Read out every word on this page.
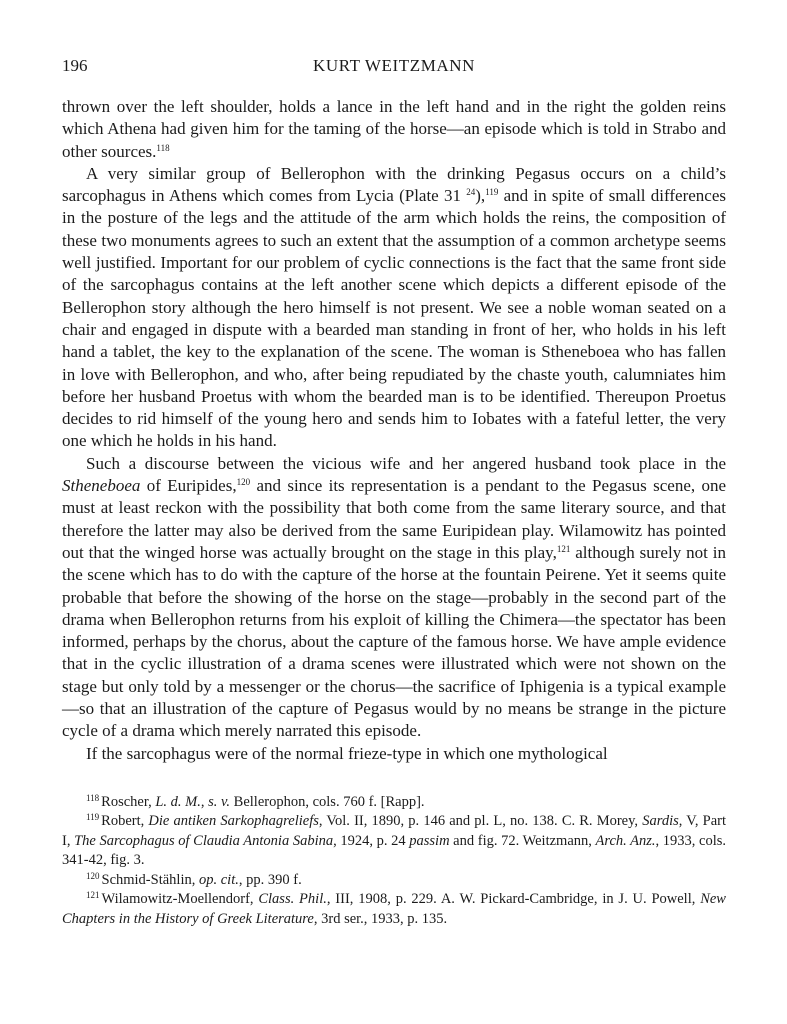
196	KURT WEITZMANN

thrown over the left shoulder, holds a lance in the left hand and in the right the golden reins which Athena had given him for the taming of the horse—an episode which is told in Strabo and other sources.$^{118}$

A very similar group of Bellerophon with the drinking Pegasus occurs on a child’s sarcophagus in Athens which comes from Lycia (Plate 31 $^{24}$),$^{119}$ and in spite of small differences in the posture of the legs and the attitude of the arm which holds the reins, the composition of these two monuments agrees to such an extent that the assumption of a common archetype seems well justified. Important for our problem of cyclic connections is the fact that the same front side of the sarcophagus contains at the left another scene which depicts a different episode of the Bellerophon story although the hero himself is not present. We see a noble woman seated on a chair and engaged in dispute with a bearded man standing in front of her, who holds in his left hand a tablet, the key to the explanation of the scene. The woman is Stheneboea who has fallen in love with Bellerophon, and who, after being repudiated by the chaste youth, calumniates him before her husband Proetus with whom the bearded man is to be identified. Thereupon Proetus decides to rid himself of the young hero and sends him to Iobates with a fateful letter, the very one which he holds in his hand.

Such a discourse between the vicious wife and her angered husband took place in the Stheneboea of Euripides,$^{120}$ and since its representation is a pendant to the Pegasus scene, one must at least reckon with the possibility that both come from the same literary source, and that therefore the latter may also be derived from the same Euripidean play. Wilamowitz has pointed out that the winged horse was actually brought on the stage in this play,$^{121}$ although surely not in the scene which has to do with the capture of the horse at the fountain Peirene. Yet it seems quite probable that before the showing of the horse on the stage—probably in the second part of the drama when Bellerophon returns from his exploit of killing the Chimera—the spectator has been informed, perhaps by the chorus, about the capture of the famous horse. We have ample evidence that in the cyclic illustration of a drama scenes were illustrated which were not shown on the stage but only told by a messenger or the chorus—the sacrifice of Iphigenia is a typical example—so that an illustration of the capture of Pegasus would by no means be strange in the picture cycle of a drama which merely narrated this episode.

If the sarcophagus were of the normal frieze-type in which one mythological

$^{118}$ Roscher, L. d. M., s. v. Bellerophon, cols. 760 f. [Rapp].

$^{119}$ Robert, Die antiken Sarkophagreliefs, Vol. II, 1890, p. 146 and pl. L, no. 138. C. R. Morey, Sardis, V, Part I, The Sarcophagus of Claudia Antonia Sabina, 1924, p. 24 passim and fig. 72. Weitzmann, Arch. Anz., 1933, cols. 341-42, fig. 3.

$^{120}$ Schmid-Stählin, op. cit., pp. 390 f.

$^{121}$ Wilamowitz-Moellendorf, Class. Phil., III, 1908, p. 229. A. W. Pickard-Cambridge, in J. U. Powell, New Chapters in the History of Greek Literature, 3rd ser., 1933, p. 135.
